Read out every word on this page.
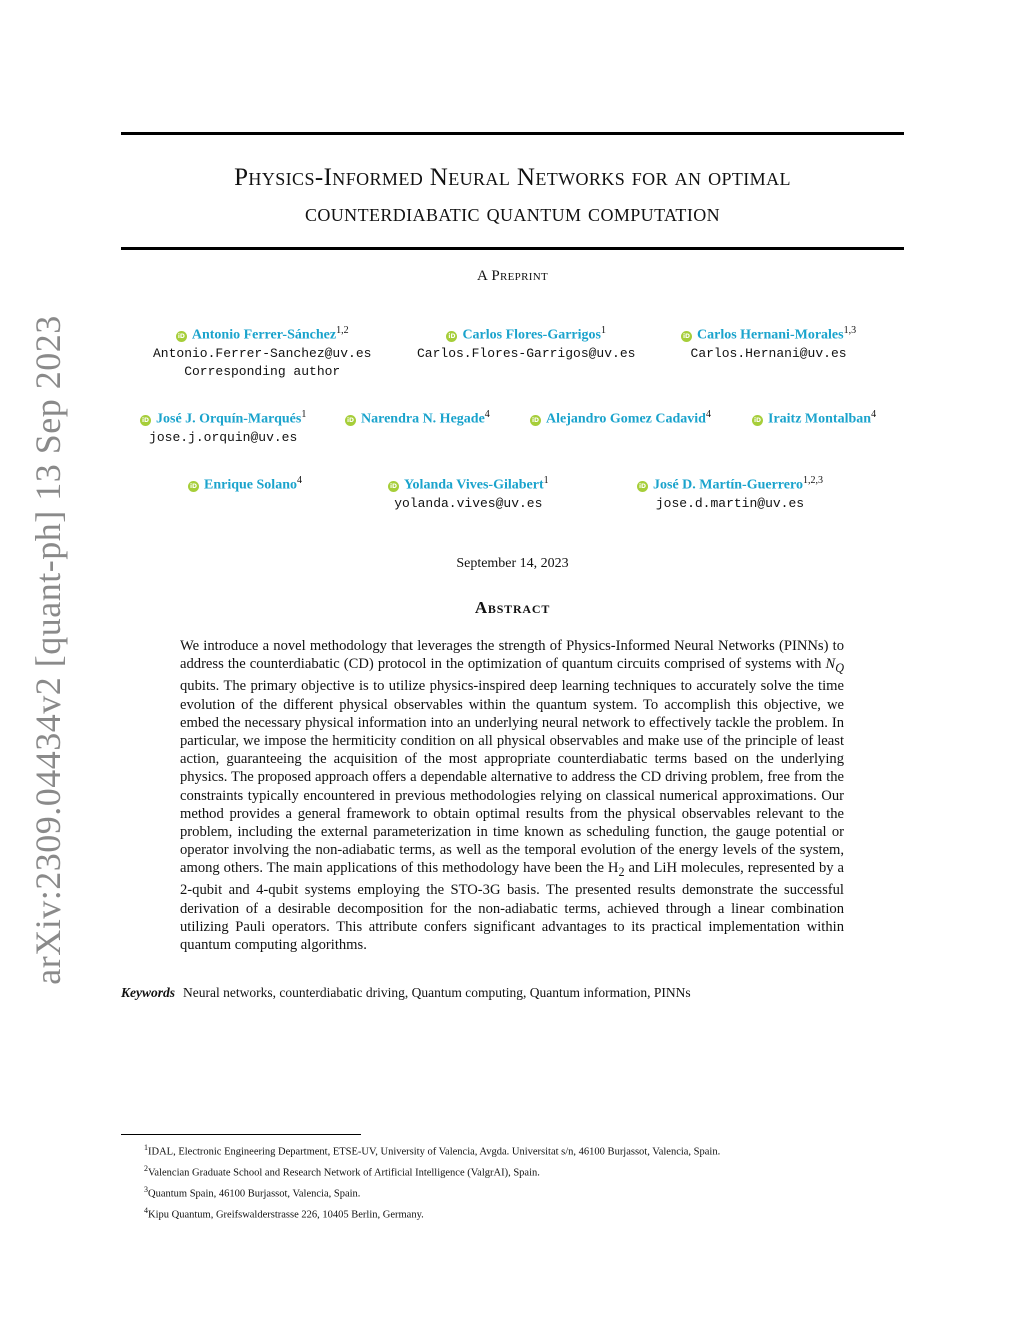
arXiv:2309.04434v2 [quant-ph] 13 Sep 2023
Physics-Informed Neural Networks for an optimal
counterdiabatic quantum computation
A Preprint
iD Antonio Ferrer-Sánchez$^{1,2}$
Antonio.Ferrer-Sanchez@uv.es
Corresponding author
iD Carlos Flores-Garrigos$^1$
Carlos.Flores-Garrigos@uv.es
iD Carlos Hernani-Morales$^{1,3}$
Carlos.Hernani@uv.es
iD José J. Orquín-Marqués$^1$
jose.j.orquin@uv.es
iD Narendra N. Hegade$^4$
iD Alejandro Gomez Cadavid$^4$
iD Iraitz Montalban$^4$
iD Enrique Solano$^4$
iD Yolanda Vives-Gilabert$^1$
yolanda.vives@uv.es
iD José D. Martín-Guerrero$^{1,2,3}$
jose.d.martin@uv.es
September 14, 2023
Abstract
We introduce a novel methodology that leverages the strength of Physics-Informed Neural Networks (PINNs) to address the counterdiabatic (CD) protocol in the optimization of quantum circuits comprised of systems with $N_Q$ qubits. The primary objective is to utilize physics-inspired deep learning techniques to accurately solve the time evolution of the different physical observables within the quantum system. To accomplish this objective, we embed the necessary physical information into an underlying neural network to effectively tackle the problem. In particular, we impose the hermiticity condition on all physical observables and make use of the principle of least action, guaranteeing the acquisition of the most appropriate counterdiabatic terms based on the underlying physics. The proposed approach offers a dependable alternative to address the CD driving problem, free from the constraints typically encountered in previous methodologies relying on classical numerical approximations. Our method provides a general framework to obtain optimal results from the physical observables relevant to the problem, including the external parameterization in time known as scheduling function, the gauge potential or operator involving the non-adiabatic terms, as well as the temporal evolution of the energy levels of the system, among others. The main applications of this methodology have been the $H_2$ and LiH molecules, represented by a 2-qubit and 4-qubit systems employing the STO-3G basis. The presented results demonstrate the successful derivation of a desirable decomposition for the non-adiabatic terms, achieved through a linear combination utilizing Pauli operators. This attribute confers significant advantages to its practical implementation within quantum computing algorithms.
Keywords Neural networks, counterdiabatic driving, Quantum computing, Quantum information, PINNs
$^1$IDAL, Electronic Engineering Department, ETSE-UV, University of Valencia, Avgda. Universitat s/n, 46100 Burjassot, Valencia, Spain.
$^2$Valencian Graduate School and Research Network of Artificial Intelligence (ValgrAI), Spain.
$^3$Quantum Spain, 46100 Burjassot, Valencia, Spain.
$^4$Kipu Quantum, Greifswalderstrasse 226, 10405 Berlin, Germany.
